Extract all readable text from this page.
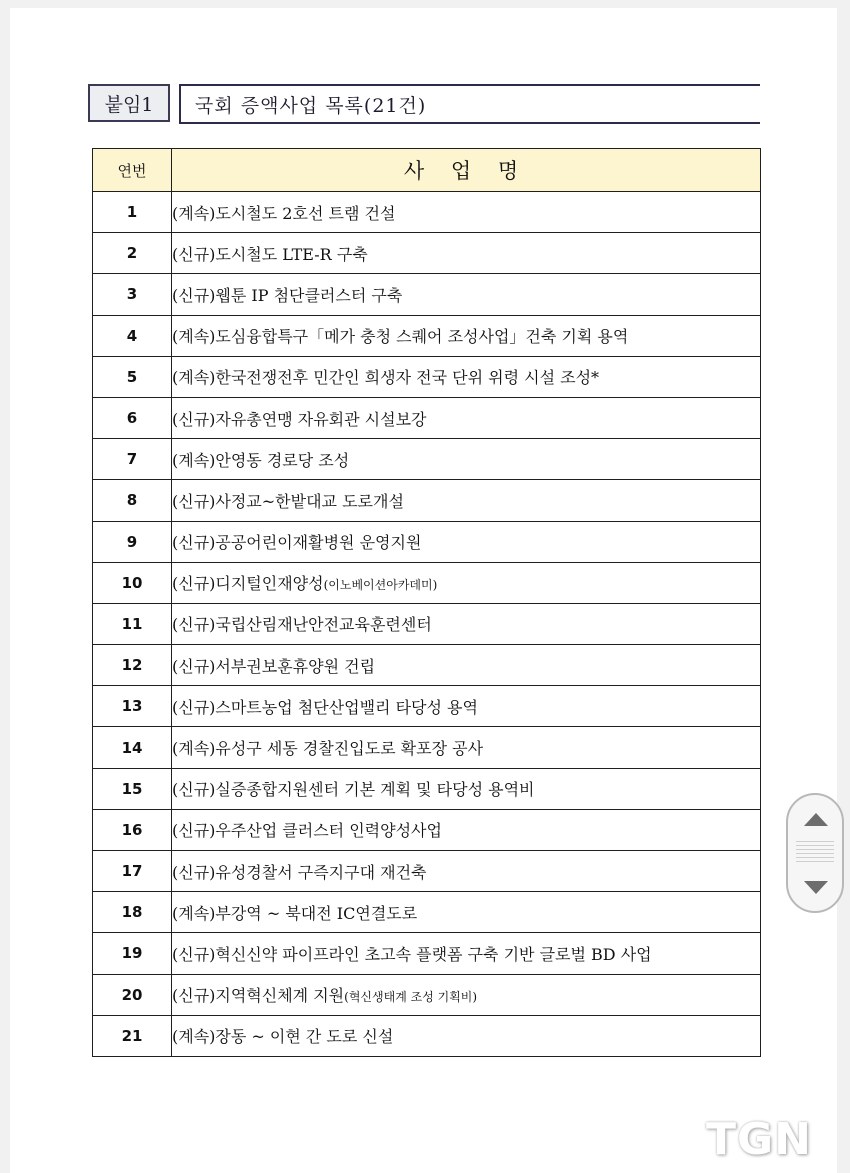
붙임1	국회 증액사업 목록(21건)
연번	사 업 명
1	(계속)도시철도 2호선 트램 건설
2	(신규)도시철도 LTE-R 구축
3	(신규)웹툰 IP 첨단클러스터 구축
4	(계속)도심융합특구「메가 충청 스퀘어 조성사업」건축 기획 용역
5	(계속)한국전쟁전후 민간인 희생자 전국 단위 위령 시설 조성*
6	(신규)자유총연맹 자유회관 시설보강
7	(계속)안영동 경로당 조성
8	(신규)사정교~한밭대교 도로개설
9	(신규)공공어린이재활병원 운영지원
10	(신규)디지털인재양성(이노베이션아카데미)
11	(신규)국립산림재난안전교육훈련센터
12	(신규)서부권보훈휴양원 건립
13	(신규)스마트농업 첨단산업밸리 타당성 용역
14	(계속)유성구 세동 경찰진입도로 확포장 공사
15	(신규)실증종합지원센터 기본 계획 및 타당성 용역비
16	(신규)우주산업 클러스터 인력양성사업
17	(신규)유성경찰서 구즉지구대 재건축
18	(계속)부강역 ~ 북대전 IC연결도로
19	(신규)혁신신약 파이프라인 초고속 플랫폼 구축 기반 글로벌 BD 사업
20	(신규)지역혁신체계 지원(혁신생태계 조성 기획비)
21	(계속)장동 ~ 이현 간 도로 신설
TGN
